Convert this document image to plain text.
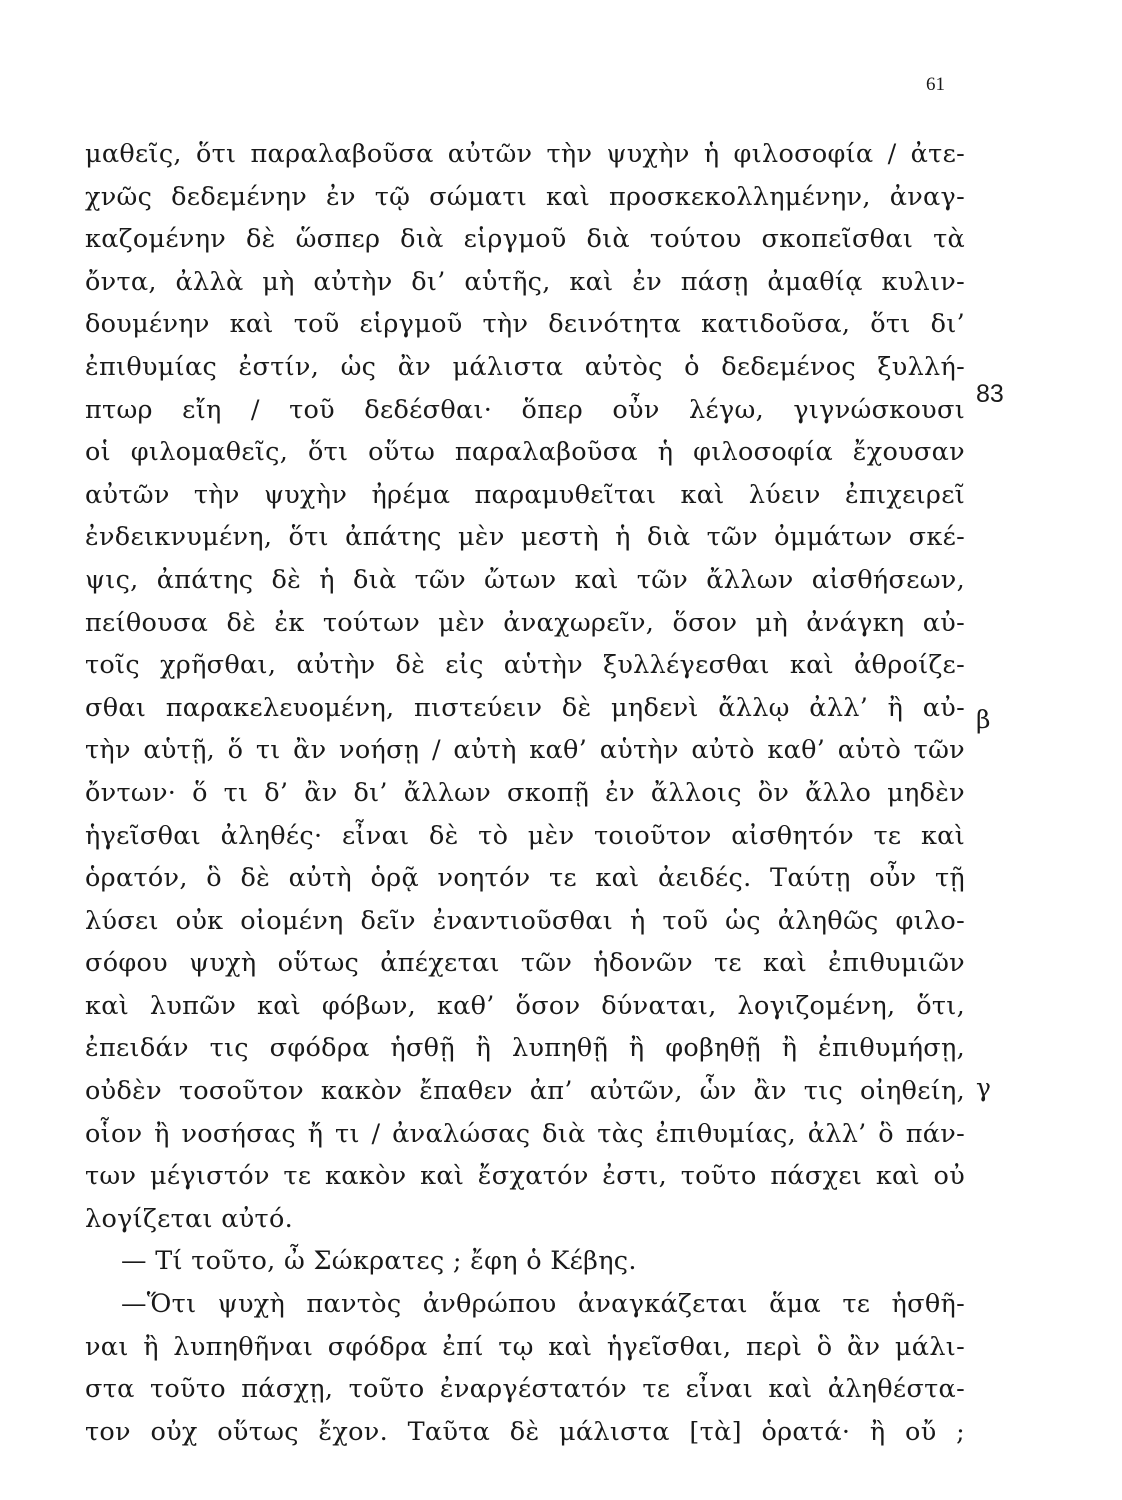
61
μαθεῖς, ὅτι παραλαβοῦσα αὐτῶν τὴν ψυχὴν ἡ φιλοσοφία / ἀτε-
χνῶς δεδεμένην ἐν τῷ σώματι καὶ προσκεκολλημένην, ἀναγ-
καζομένην δὲ ὥσπερ διὰ εἱργμοῦ διὰ τούτου σκοπεῖσθαι τὰ
ὄντα, ἀλλὰ μὴ αὐτὴν δι’ αὑτῆς, καὶ ἐν πάσῃ ἀμαθίᾳ κυλιν-
δουμένην καὶ τοῦ εἱργμοῦ τὴν δεινότητα κατιδοῦσα, ὅτι δι’
ἐπιθυμίας ἐστίν, ὡς ἂν μάλιστα αὐτὸς ὁ δεδεμένος ξυλλή-
πτωρ εἴη / τοῦ δεδέσθαι· ὅπερ οὖν λέγω, γιγνώσκουσι
οἱ φιλομαθεῖς, ὅτι οὕτω παραλαβοῦσα ἡ φιλοσοφία ἔχουσαν
αὐτῶν τὴν ψυχὴν ἠρέμα παραμυθεῖται καὶ λύειν ἐπιχειρεῖ
ἐνδεικνυμένη, ὅτι ἀπάτης μὲν μεστὴ ἡ διὰ τῶν ὀμμάτων σκέ-
ψις, ἀπάτης δὲ ἡ διὰ τῶν ὤτων καὶ τῶν ἄλλων αἰσθήσεων,
πείθουσα δὲ ἐκ τούτων μὲν ἀναχωρεῖν, ὅσον μὴ ἀνάγκη αὐ-
τοῖς χρῆσθαι, αὐτὴν δὲ εἰς αὑτὴν ξυλλέγεσθαι καὶ ἀθροίζε-
σθαι παρακελευομένη, πιστεύειν δὲ μηδενὶ ἄλλῳ ἀλλ’ ἢ αὐ-
τὴν αὑτῇ, ὅ τι ἂν νοήσῃ / αὐτὴ καθ’ αὑτὴν αὐτὸ καθ’ αὑτὸ τῶν
ὄντων· ὅ τι δ’ ἂν δι’ ἄλλων σκοπῇ ἐν ἄλλοις ὂν ἄλλο μηδὲν
ἡγεῖσθαι ἀληθές· εἶναι δὲ τὸ μὲν τοιοῦτον αἰσθητόν τε καὶ
ὁρατόν, ὃ δὲ αὐτὴ ὁρᾷ νοητόν τε καὶ ἀειδές. Ταύτῃ οὖν τῇ
λύσει οὐκ οἰομένη δεῖν ἐναντιοῦσθαι ἡ τοῦ ὡς ἀληθῶς φιλο-
σόφου ψυχὴ οὕτως ἀπέχεται τῶν ἡδονῶν τε καὶ ἐπιθυμιῶν
καὶ λυπῶν καὶ φόβων, καθ’ ὅσον δύναται, λογιζομένη, ὅτι,
ἐπειδάν τις σφόδρα ἡσθῇ ἢ λυπηθῇ ἢ φοβηθῇ ἢ ἐπιθυμήσῃ,
οὐδὲν τοσοῦτον κακὸν ἔπαθεν ἀπ’ αὐτῶν, ὧν ἂν τις οἰηθείη,
οἷον ἢ νοσήσας ἤ τι / ἀναλώσας διὰ τὰς ἐπιθυμίας, ἀλλ’ ὃ πάν-
των μέγιστόν τε κακὸν καὶ ἔσχατόν ἐστι, τοῦτο πάσχει καὶ οὐ
λογίζεται αὐτό.
— Τί τοῦτο, ὦ Σώκρατες ; ἔφη ὁ Κέβης.
—Ὅτι ψυχὴ παντὸς ἀνθρώπου ἀναγκάζεται ἅμα τε ἡσθῆ-
ναι ἢ λυπηθῆναι σφόδρα ἐπί τῳ καὶ ἡγεῖσθαι, περὶ ὃ ἂν μάλι-
στα τοῦτο πάσχῃ, τοῦτο ἐναργέστατόν τε εἶναι καὶ ἀληθέστα-
τον οὐχ οὕτως ἔχον. Ταῦτα δὲ μάλιστα [τὰ] ὁρατά· ἢ οὔ ;
83
β
γ
